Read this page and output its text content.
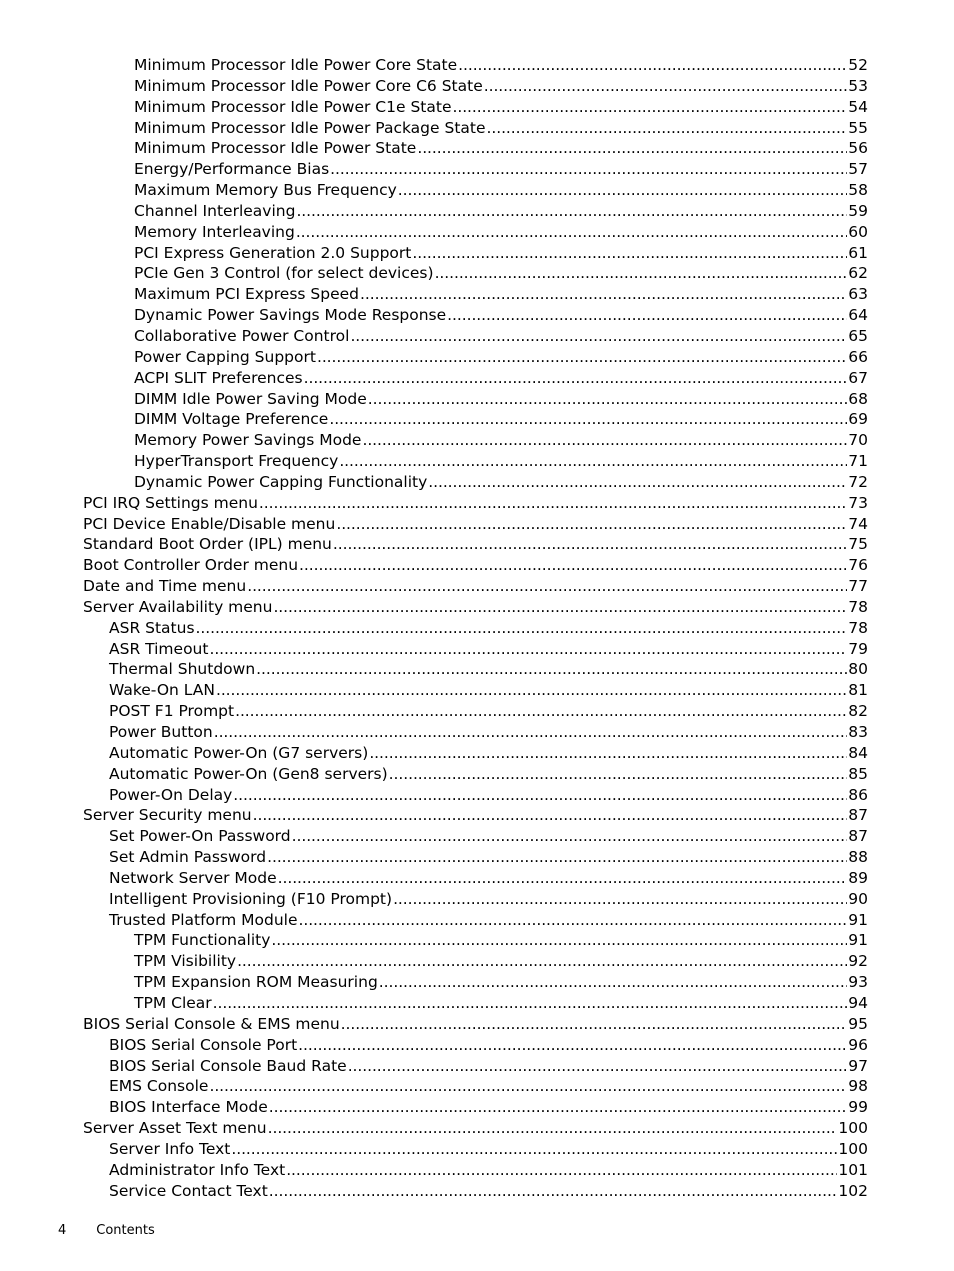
Minimum Processor Idle Power Core State . . .	52
Minimum Processor Idle Power Core C6 State . . .	53
Minimum Processor Idle Power C1e State . . .	54
Minimum Processor Idle Power Package State . . .	55
Minimum Processor Idle Power State . . .	56
Energy/Performance Bias . . .	57
Maximum Memory Bus Frequency . . .	58
Channel Interleaving . . .	59
Memory Interleaving . . .	60
PCI Express Generation 2.0 Support . . .	61
PCIe Gen 3 Control (for select devices) . . .	62
Maximum PCI Express Speed . . .	63
Dynamic Power Savings Mode Response . . .	64
Collaborative Power Control . . .	65
Power Capping Support . . .	66
ACPI SLIT Preferences . . .	67
DIMM Idle Power Saving Mode . . .	68
DIMM Voltage Preference . . .	69
Memory Power Savings Mode . . .	70
HyperTransport Frequency . . .	71
Dynamic Power Capping Functionality . . .	72
PCI IRQ Settings menu . . .	73
PCI Device Enable/Disable menu . . .	74
Standard Boot Order (IPL) menu . . .	75
Boot Controller Order menu . . .	76
Date and Time menu . . .	77
Server Availability menu . . .	78
ASR Status . . .	78
ASR Timeout . . .	79
Thermal Shutdown . . .	80
Wake-On LAN . . .	81
POST F1 Prompt . . .	82
Power Button . . .	83
Automatic Power-On (G7 servers) . . .	84
Automatic Power-On (Gen8 servers) . . .	85
Power-On Delay . . .	86
Server Security menu . . .	87
Set Power-On Password . . .	87
Set Admin Password . . .	88
Network Server Mode . . .	89
Intelligent Provisioning (F10 Prompt) . . .	90
Trusted Platform Module . . .	91
TPM Functionality . . .	91
TPM Visibility . . .	92
TPM Expansion ROM Measuring . . .	93
TPM Clear . . .	94
BIOS Serial Console & EMS menu . . .	95
BIOS Serial Console Port . . .	96
BIOS Serial Console Baud Rate . . .	97
EMS Console . . .	98
BIOS Interface Mode . . .	99
Server Asset Text menu . . .	100
Server Info Text . . .	100
Administrator Info Text . . .	101
Service Contact Text . . .	102
4 Contents
